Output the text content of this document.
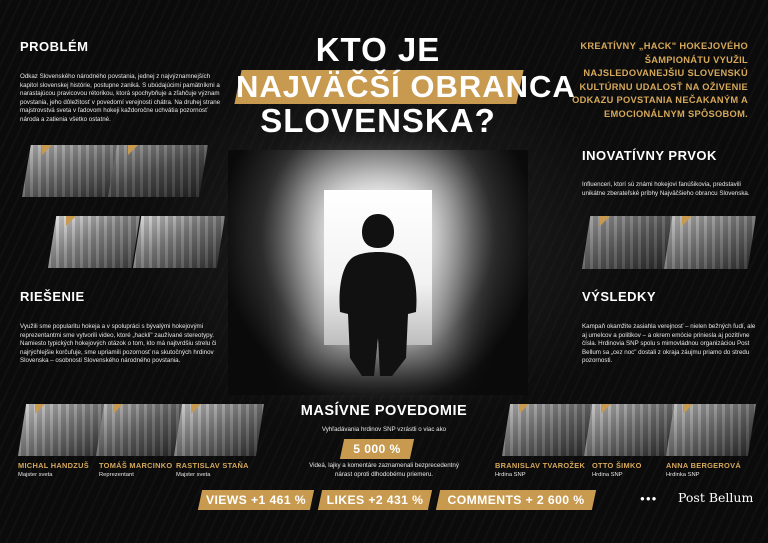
PROBLÉM

Odkaz Slovenského národného povstania, jednej z najvýznamnejších kapitol slovenskej histórie, postupne zaniká. S ubúdajúcimi pamätníkmi a narastajúcou pravicovou rétorikou, ktorá spochybňuje a zľahčuje význam povstania, jeho dôležitosť v povedomí verejnosti chátra. Na druhej strane majstrovstvá sveta v ľadovom hokeji každoročne uchvátia pozornosť národa a zatienia všetko ostatné.

KTO JE
NAJVÄČŠÍ OBRANCA
SLOVENSKA?
KREATÍVNY „HACK" HOKEJOVÉHO ŠAMPIONÁTU VYUŽIL NAJSLEDOVANEJŠIU SLOVENSKÚ KULTÚRNU UDALOSŤ NA OŽIVENIE ODKAZU POVSTANIA NEČAKANÝM A EMOCIONÁLNYM SPÔSOBOM.
INOVATÍVNY PRVOK

Influenceri, ktorí sú známi hokejovi fanúšikovia, predstavili unikátne zberateľské príbhy Najväčšieho obrancu Slovenska.

RIEŠENIE

Využili sme popularitu hokeja a v spolupráci s bývalými hokejovými reprezentantmi sme vytvorili video, ktoré „hackli" zaužívané stereotypy. Namiesto typických hokejových otázok o tom, kto má najtvrdšiu strelu či najrýchlejšie korčuľuje, sme upriamili pozornosť na skutočných hrdinov Slovenska – osobnosti Slovenského národného povstania.

VÝSLEDKY

Kampaň okamžite zasiahla verejnosť – nielen bežných ľudí, ale aj umelcov a politikov – a okrem emócie priniesla aj pozitívne čísla. Hrdinovia SNP spolu s mimovládnou organizáciou Post Bellum sa „cez noc" dostali z okraja záujmu priamo do stredu pozornosti.

MICHAL HANDZUŠ
Majster sveta
TOMÁŠ MARCINKO
Reprezentant
RASTISLAV STAŇA
Majster sveta
BRANISLAV TVAROŽEK
Hrdina SNP
OTTO ŠIMKO
Hrdina SNP
ANNA BERGEROVÁ
Hrdinka SNP
MASÍVNE POVEDOMIE

Vyhľadávania hrdinov SNP vzrástli o viac ako

5 000 %

Videá, lajky a komentáre zaznamenali bezprecedentný nárast oproti dlhodobému priemeru.

VIEWS +1 461 %	LIKES +2 431 %	COMMENTS + 2 600 %	●●● Post Bellum
